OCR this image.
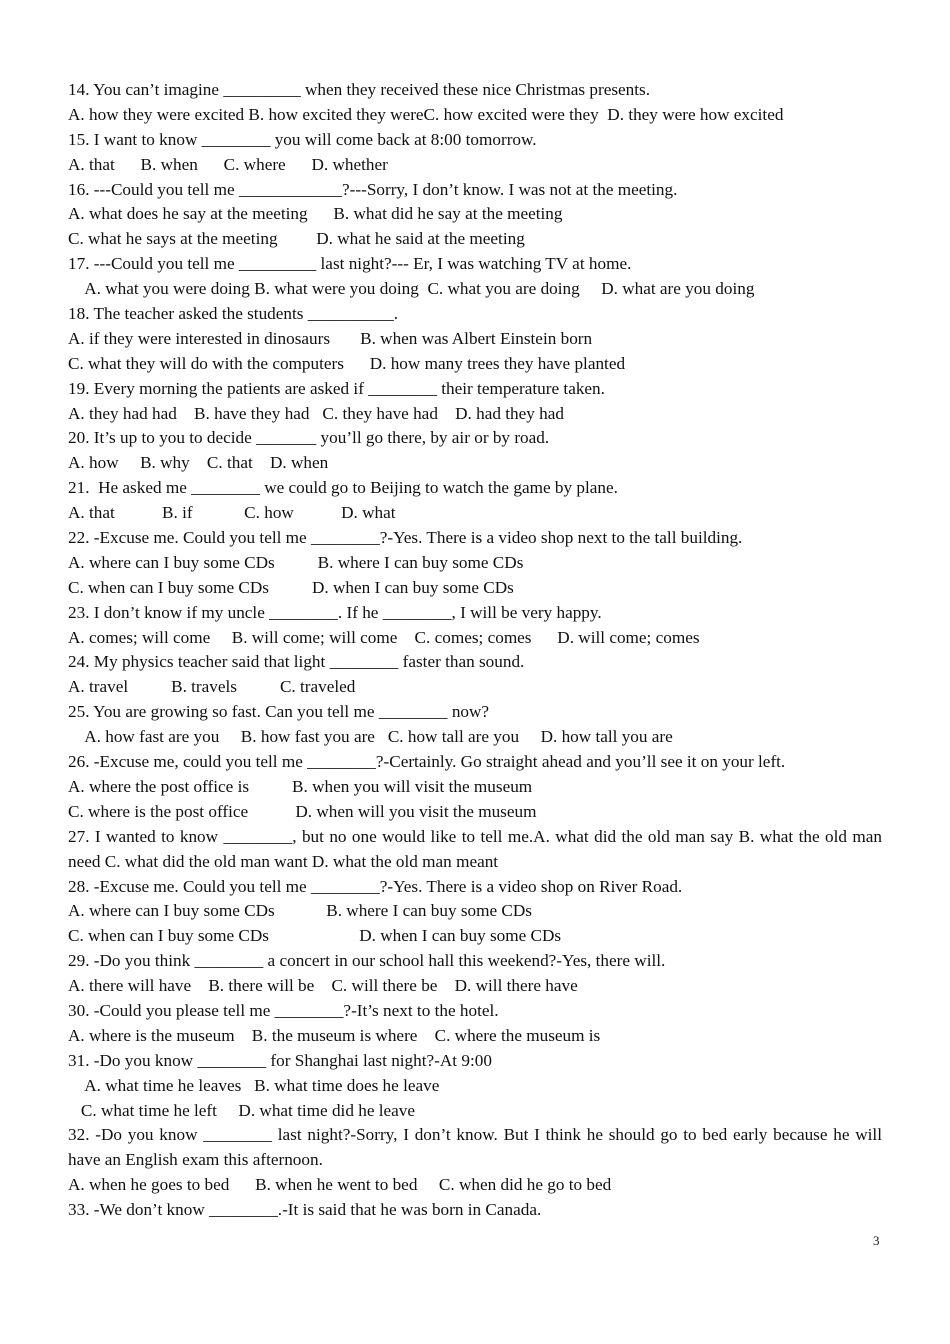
14. You can’t imagine _________ when they received these nice Christmas presents.
A. how they were excited B. how excited they wereC. how excited were they  D. they were how excited
15. I want to know ________ you will come back at 8:00 tomorrow.
A. that      B. when      C. where      D. whether
16. ---Could you tell me ____________?---Sorry, I don’t know. I was not at the meeting.
A. what does he say at the meeting      B. what did he say at the meeting
C. what he says at the meeting         D. what he said at the meeting
17. ---Could you tell me _________ last night?--- Er, I was watching TV at home.
A. what you were doing B. what were you doing  C. what you are doing     D. what are you doing
18. The teacher asked the students __________.
A. if they were interested in dinosaurs       B. when was Albert Einstein born
C. what they will do with the computers      D. how many trees they have planted
19. Every morning the patients are asked if ________ their temperature taken.
A. they had had    B. have they had   C. they have had    D. had they had
20. It’s up to you to decide _______ you’ll go there, by air or by road.
A. how     B. why    C. that    D. when
21.  He asked me ________ we could go to Beijing to watch the game by plane.
A. that           B. if            C. how           D. what
22. -Excuse me. Could you tell me ________?-Yes. There is a video shop next to the tall building.
A. where can I buy some CDs          B. where I can buy some CDs
C. when can I buy some CDs          D. when I can buy some CDs
23. I don’t know if my uncle ________. If he ________, I will be very happy.
A. comes; will come     B. will come; will come    C. comes; comes      D. will come; comes
24. My physics teacher said that light ________ faster than sound.
A. travel          B. travels          C. traveled
25. You are growing so fast. Can you tell me ________ now?
A. how fast are you     B. how fast you are   C. how tall are you     D. how tall you are
26. -Excuse me, could you tell me ________?-Certainly. Go straight ahead and you’ll see it on your left.
A. where the post office is          B. when you will visit the museum
C. where is the post office           D. when will you visit the museum
27. I wanted to know ________, but no one would like to tell me.A. what did the old man say B. what the old man need C. what did the old man want D. what the old man meant
28. -Excuse me. Could you tell me ________?-Yes. There is a video shop on River Road.
A. where can I buy some CDs            B. where I can buy some CDs
C. when can I buy some CDs                     D. when I can buy some CDs
29. -Do you think ________ a concert in our school hall this weekend?-Yes, there will.
A. there will have    B. there will be    C. will there be    D. will there have
30. -Could you please tell me ________?-It’s next to the hotel.
A. where is the museum    B. the museum is where    C. where the museum is
31. -Do you know ________ for Shanghai last night?-At 9:00
A. what time he leaves   B. what time does he leave
C. what time he left     D. what time did he leave
32. -Do you know ________ last night?-Sorry, I don’t know. But I think he should go to bed early because he will have an English exam this afternoon.
A. when he goes to bed      B. when he went to bed     C. when did he go to bed
33. -We don’t know ________.-It is said that he was born in Canada.
3
